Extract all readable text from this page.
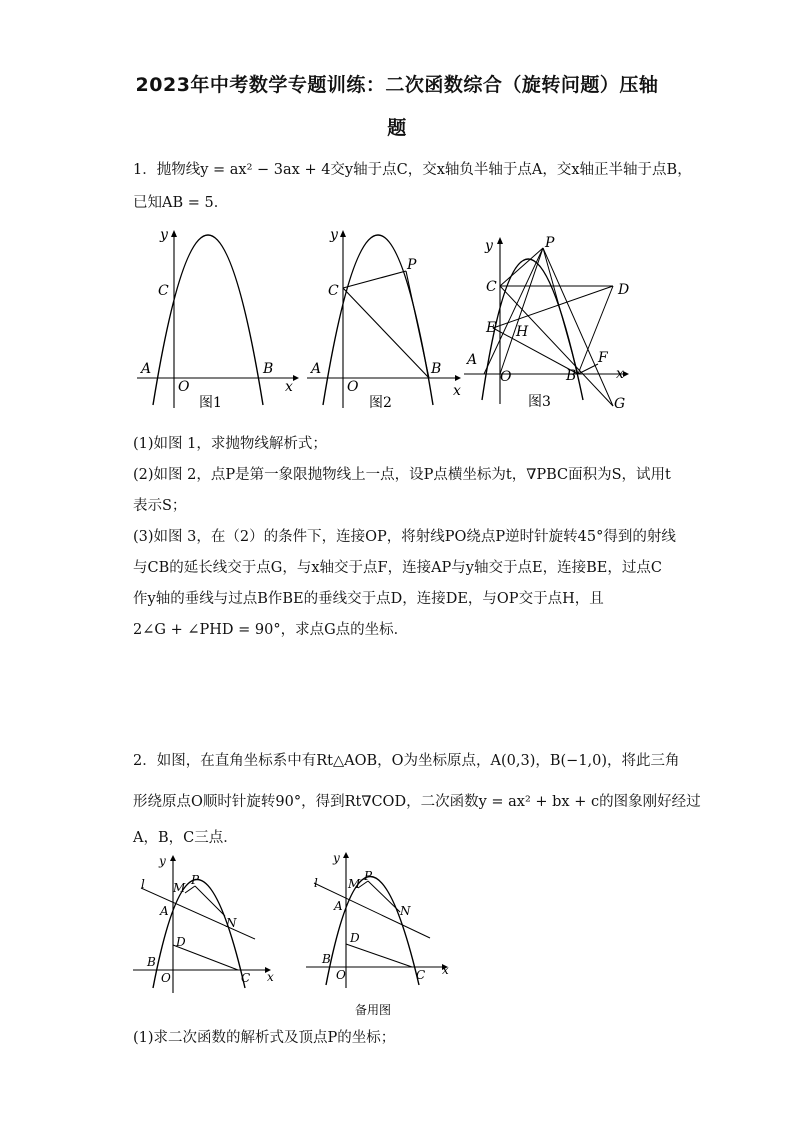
2023年中考数学专题训练：二次函数综合（旋转问题）压轴
题
1．抛物线y = ax² − 3ax + 4交y轴于点C，交x轴负半轴于点A，交x轴正半轴于点B，
已知AB = 5．
y
C
A
O
B
x
图1
y
C
P
A
O
B
x
图2
y	P
C	D
E H
A
O	B
F
x
G
图3
(1)如图 1，求抛物线解析式；
(2)如图 2，点P是第一象限抛物线上一点，设P点横坐标为t，∇PBC面积为S，试用t
表示S；
(3)如图 3，在（2）的条件下，连接OP，将射线PO绕点P逆时针旋转45°得到的射线
与CB的延长线交于点G，与x轴交于点F，连接AP与y轴交于点E，连接BE，过点C
作y轴的垂线与过点B作BE的垂线交于点D，连接DE，与OP交于点H，且
2∠G + ∠PHD = 90°，求点G点的坐标．
2．如图，在直角坐标系中有Rt△AOB，O为坐标原点，A(0,3)，B(−1,0)，将此三角
形绕原点O顺时针旋转90°，得到Rt∇COD，二次函数y = ax² + bx + c的图象刚好经过
A，B，C三点．
y
l M
P
A
N
D
B
O	C x
y
l	M
P
A	N
D
B
O	C x
备用图
(1)求二次函数的解析式及顶点P的坐标；
